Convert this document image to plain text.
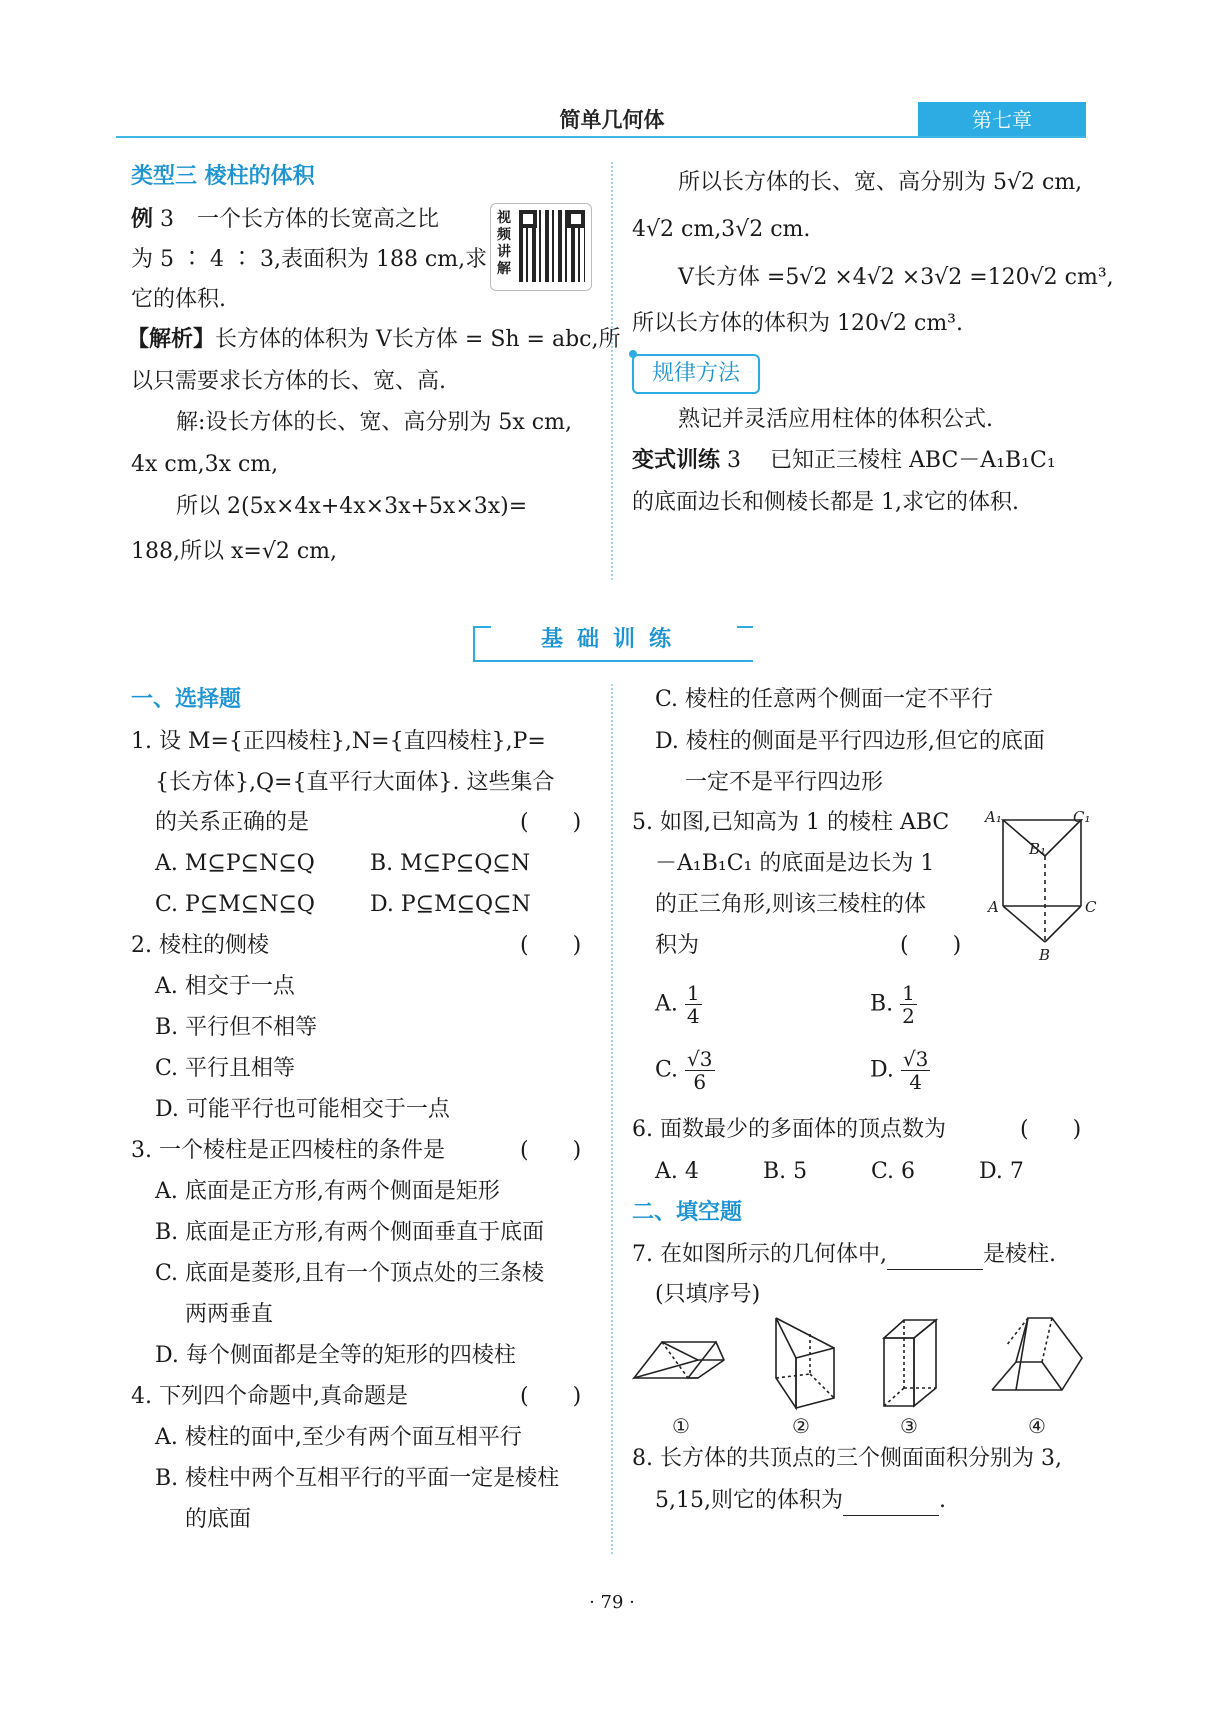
简单几何体	第七章
类型三 棱柱的体积
例 3 一个长方体的长宽高之比
为 5 ∶ 4 ∶ 3,表面积为 188 cm,求
它的体积.
视频讲解
【解析】长方体的体积为 V长方体 = Sh = abc,所
以只需要求长方体的长、宽、高.
解:设长方体的长、宽、高分别为 5x cm,
4x cm,3x cm,
所以 2(5x×4x+4x×3x+5x×3x)=
188,所以 x=√2 cm,
所以长方体的长、宽、高分别为 5√2 cm,
4√2 cm,3√2 cm.
V长方体 =5√2 ×4√2 ×3√2 =120√2 cm³,
所以长方体的体积为 120√2 cm³.
规律方法
熟记并灵活应用柱体的体积公式.
变式训练 3 已知正三棱柱 ABC－A₁B₁C₁
的底面边长和侧棱长都是 1,求它的体积.
基础训练
一、选择题
1. 设 M={正四棱柱},N={直四棱柱},P=
{长方体},Q={直平行大面体}. 这些集合
的关系正确的是	(　　)
A. M⊆P⊆N⊆Q	B. M⊆P⊆Q⊆N
C. P⊆M⊆N⊆Q	D. P⊆M⊆Q⊆N
2. 棱柱的侧棱	(　　)
A. 相交于一点
B. 平行但不相等
C. 平行且相等
D. 可能平行也可能相交于一点
3. 一个棱柱是正四棱柱的条件是	(　　)
A. 底面是正方形,有两个侧面是矩形
B. 底面是正方形,有两个侧面垂直于底面
C. 底面是菱形,且有一个顶点处的三条棱
两两垂直
D. 每个侧面都是全等的矩形的四棱柱
4. 下列四个命题中,真命题是	(　　)
A. 棱柱的面中,至少有两个面互相平行
B. 棱柱中两个互相平行的平面一定是棱柱
的底面
C. 棱柱的任意两个侧面一定不平行
D. 棱柱的侧面是平行四边形,但它的底面
一定不是平行四边形
5. 如图,已知高为 1 的棱柱 ABC
－A₁B₁C₁ 的底面是边长为 1
的正三角形,则该三棱柱的体
积为	(　　)
A₁	C₁
B₁
A	C
B
A. $\frac{1}{4}$	B. $\frac{1}{2}$
C. $\frac{√3}{6}$	D. $\frac{√3}{4}$
6. 面数最少的多面体的顶点数为	(　　)
A. 4	B. 5	C. 6	D. 7
二、填空题
7. 在如图所示的几何体中,	是棱柱.
(只填序号)
①	②	③	④
8. 长方体的共顶点的三个侧面面积分别为 3,
5,15,则它的体积为	.
· 79 ·
